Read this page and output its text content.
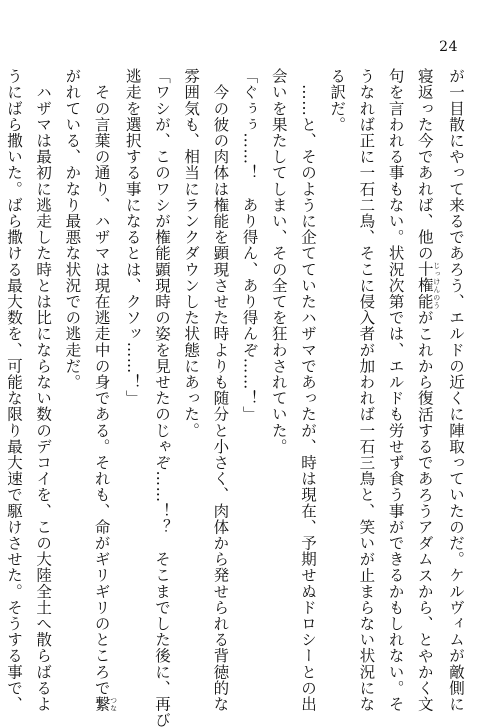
24
が一目散にやって来るであろう、エルドの近くに陣取っていたのだ。ケルヴィムが敵側に
寝返った今であれば、他の十権能 じっけんのうがこれから復活するであろうアダムスから、とやかく文
句を言われる事もない。状況次第では、エルドも労せず食う事ができるかもしれない。そ
うなれば正に一石二鳥、そこに侵入者が加われば一石三鳥と、笑いが止まらない状況にな
る訳だ。
　……と、そのように企てていたハザマであったが、時は現在、予期せぬドロシーとの出
会いを果たしてしまい、その全てを狂わされていた。
「ぐぅぅ……！　あり得ん、あり得んぞ……！」
　今の彼の肉体は権能を顕現させた時よりも随分と小さく、肉体から発せられる背徳的な
雰囲気も、相当にランクダウンした状態にあった。
「ワシが、このワシが権能顕現時の姿を見せたのじゃぞ……！？　そこまでした後に、再び
逃走を選択する事になるとは、クソッ……！」
　その言葉の通り、ハザマは現在逃走中の身である。それも、命がギリギリのところで繋 つな
がれている、かなり最悪な状況での逃走だ。
　ハザマは最初に逃走した時とは比にならない数のデコイを、この大陸全土へ散らばるよ
うにばら撒いた。ばら撒ける最大数を、可能な限り最大速で駆けさせた。そうする事で、
